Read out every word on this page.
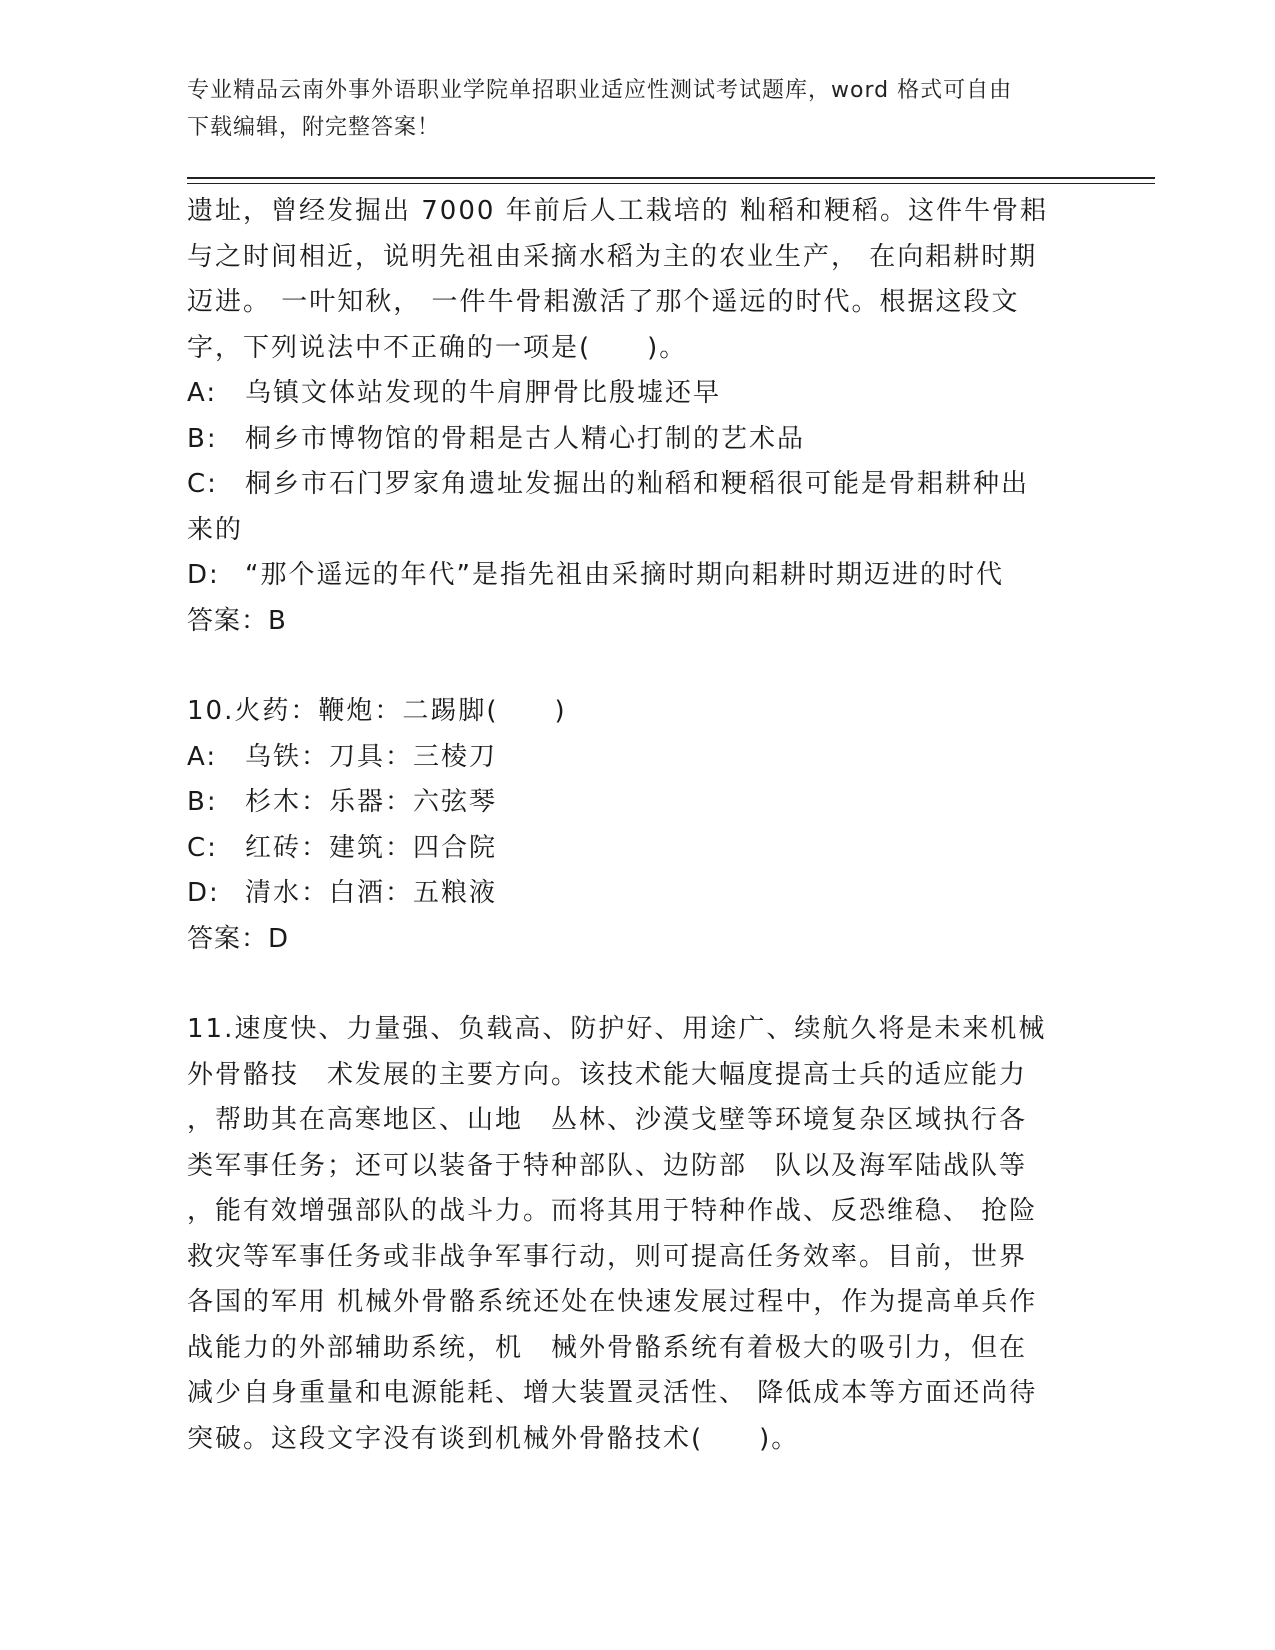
专业精品云南外事外语职业学院单招职业适应性测试考试题库，word 格式可自由
下载编辑，附完整答案！

遗址，曾经发掘出 7000 年前后人工栽培的 籼稻和粳稻。这件牛骨耜

与之时间相近，说明先祖由采摘水稻为主的农业生产， 在向耜耕时期

迈进。 一叶知秋， 一件牛骨耜激活了那个遥远的时代。根据这段文

字，下列说法中不正确的一项是(　　)。

A: 乌镇文体站发现的牛肩胛骨比殷墟还早
B: 桐乡市博物馆的骨耜是古人精心打制的艺术品
C: 桐乡市石门罗家角遗址发掘出的籼稻和粳稻很可能是骨耜耕种出
来的
D: “那个遥远的年代”是指先祖由采摘时期向耜耕时期迈进的时代

答案：B

10.火药：鞭炮：二踢脚(　　)

A: 乌铁：刀具：三棱刀
B: 杉木：乐器：六弦琴
C: 红砖：建筑：四合院
D: 清水：白酒：五粮液

答案：D

11.速度快、力量强、负载高、防护好、用途广、续航久将是未来机械

外骨骼技　术发展的主要方向。该技术能大幅度提高士兵的适应能力

，帮助其在高寒地区、山地　丛林、沙漠戈壁等环境复杂区域执行各

类军事任务；还可以装备于特种部队、边防部　队以及海军陆战队等

，能有效增强部队的战斗力。而将其用于特种作战、反恐维稳、 抢险

救灾等军事任务或非战争军事行动，则可提高任务效率。目前，世界

各国的军用 机械外骨骼系统还处在快速发展过程中，作为提高单兵作

战能力的外部辅助系统，机　械外骨骼系统有着极大的吸引力，但在

减少自身重量和电源能耗、增大装置灵活性、 降低成本等方面还尚待

突破。这段文字没有谈到机械外骨骼技术(　　)。
